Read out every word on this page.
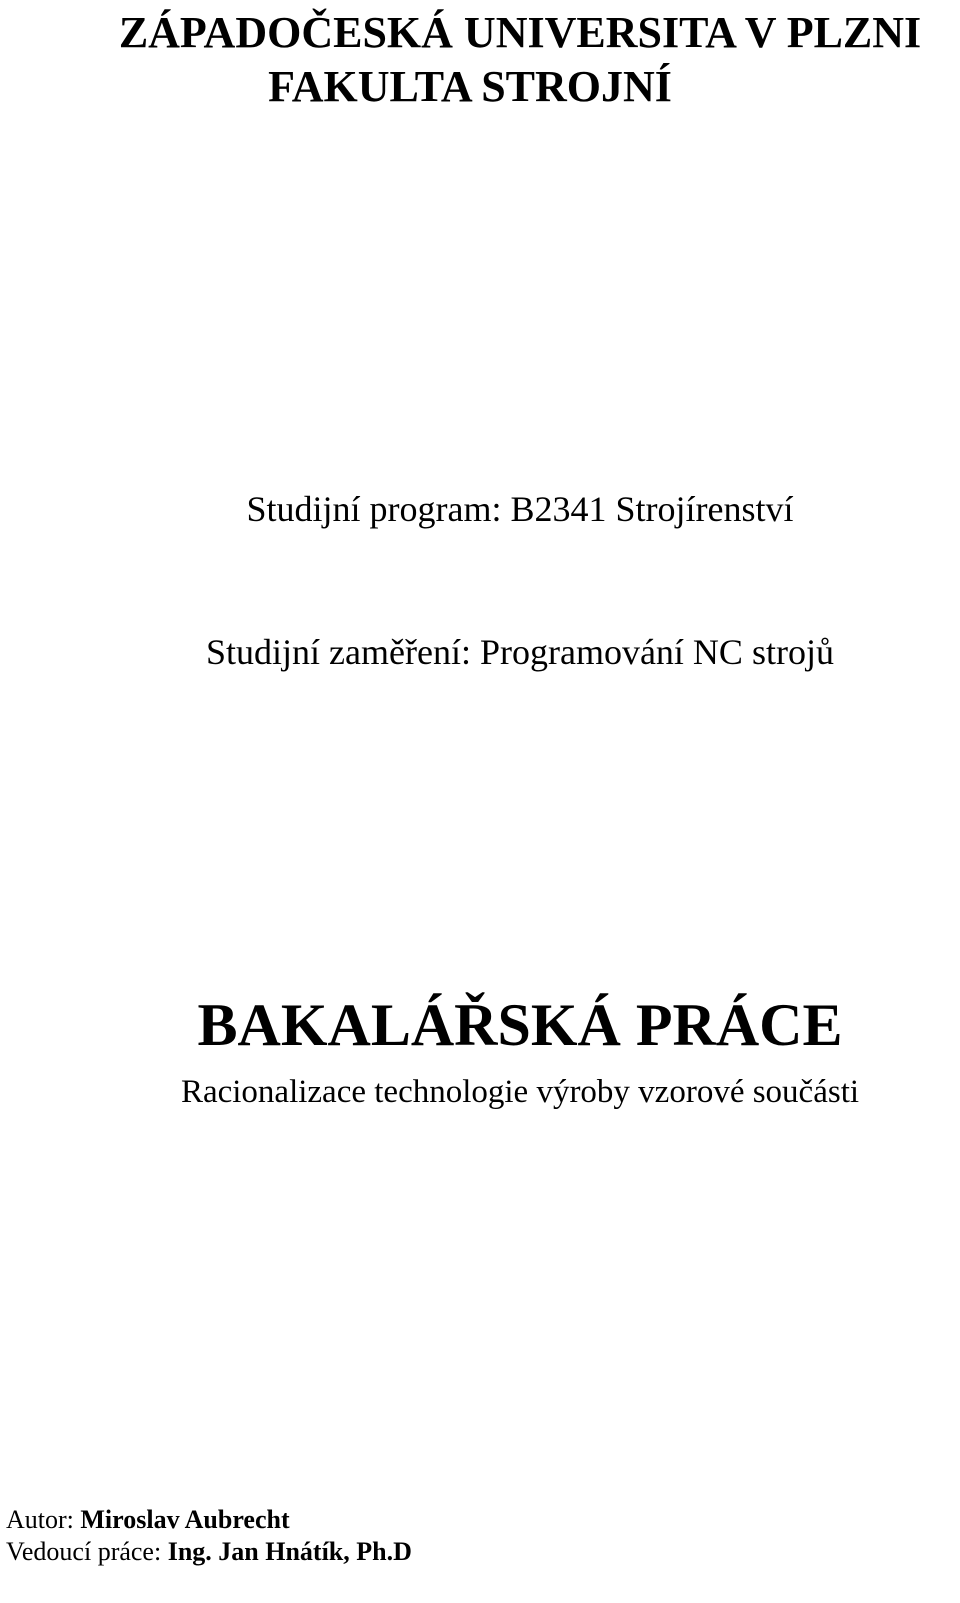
ZÁPADOČESKÁ UNIVERSITA V PLZNI
FAKULTA STROJNÍ
Studijní program: B2341 Strojírenství
Studijní zaměření: Programování NC strojů
BAKALÁŘSKÁ PRÁCE
Racionalizace technologie výroby vzorové součásti
Autor: Miroslav Aubrecht
Vedoucí práce: Ing. Jan Hnátík, Ph.D
